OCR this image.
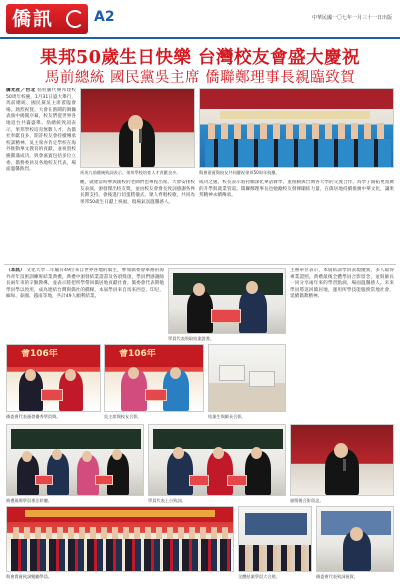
僑訊	A2	中華民國一〇七年一月三十一日出版
果邦50歲生日快樂 台灣校友會盛大慶祝
馬前總統 國民黨吳主席 僑聯鄭理事長親臨致賀
僑光社／台北 翁柱騰代樂邦建校50周年校慶，1月31日盛大舉行，馬前總統、國民黨吳主席蒞臨會場，熱烈祝賀。大會在熱鬧的舞獅表演中揭開序幕，校友們從世界各地返台共襄盛舉。翁總統致詞表示，果邦學校培育無數人才，為僑社奉獻良多，期許校友會持續傳承校訓精神。吳主席亦肯定學校在海外推動華文教育的貢獻，並祝賀校慶圓滿成功。與會嘉賓包括多位立委、僑務委員及各地校友代表，場面溫馨熱烈。
馬英九前總統致詞表示，果邦學校培育人才貢獻良多。	與會嘉賓與校友共同慶祝果邦50周年校慶。
觀，就連當時參與創校的老師們也專程出席。大會安排校友表演、頒發傑出校友獎，並由校友會會長致詞感謝各界長期支持。會後進行切蛋糕儀式，眾人齊唱校歌，共同為果邦50歲生日獻上祝福，現場氣氛溫馨感人。
成功之處，校長表示將持續深化華語教學，並推動與台灣各大學的交流合作，為學子開拓更寬廣的升學與就業管道。僑聯鄭理事長也勉勵校友發揮團結力量，在僑居地持續推廣中華文化，讓果邦精神永續傳承。
（本訊） 文化大學二年級有49位來自世界各地的僑生，參加僑委會舉辦的海外青年技術訓練班結業典禮。典禮中頒發結業證書及各項獎項，學員們感謝師長兩年來的辛勤教導，並表示將把所學帶回僑居地貢獻社會。僑委會代表期勉學員學以致用，成為連結台灣與僑社的橋樑。本屆學員來自馬來西亞、印尼、緬甸、泰國、越南等地，共計49人順利結業。
學員代表領取結業證書。
主辦單位表示，本屆結訓學員表現優異，多人取得專業證照。典禮最後全體學員合影留念，並與師長一同分享兩年來的學習點滴，場面溫馨感人。未來學員將返回僑居地，運用所學技能服務當地社會，延續僑教精神。
會106年
僑委會代表頒發優秀學員獎。
會106年
吳主席與校友合影。	結業生與師長合影。
典禮現場學員專注聆聽。	學員代表上台致詞。	頒獎後合影留念。
與會貴賓致詞勉勵學員。	全體結業學員大合照。	僑委會代表致詞祝賀。
